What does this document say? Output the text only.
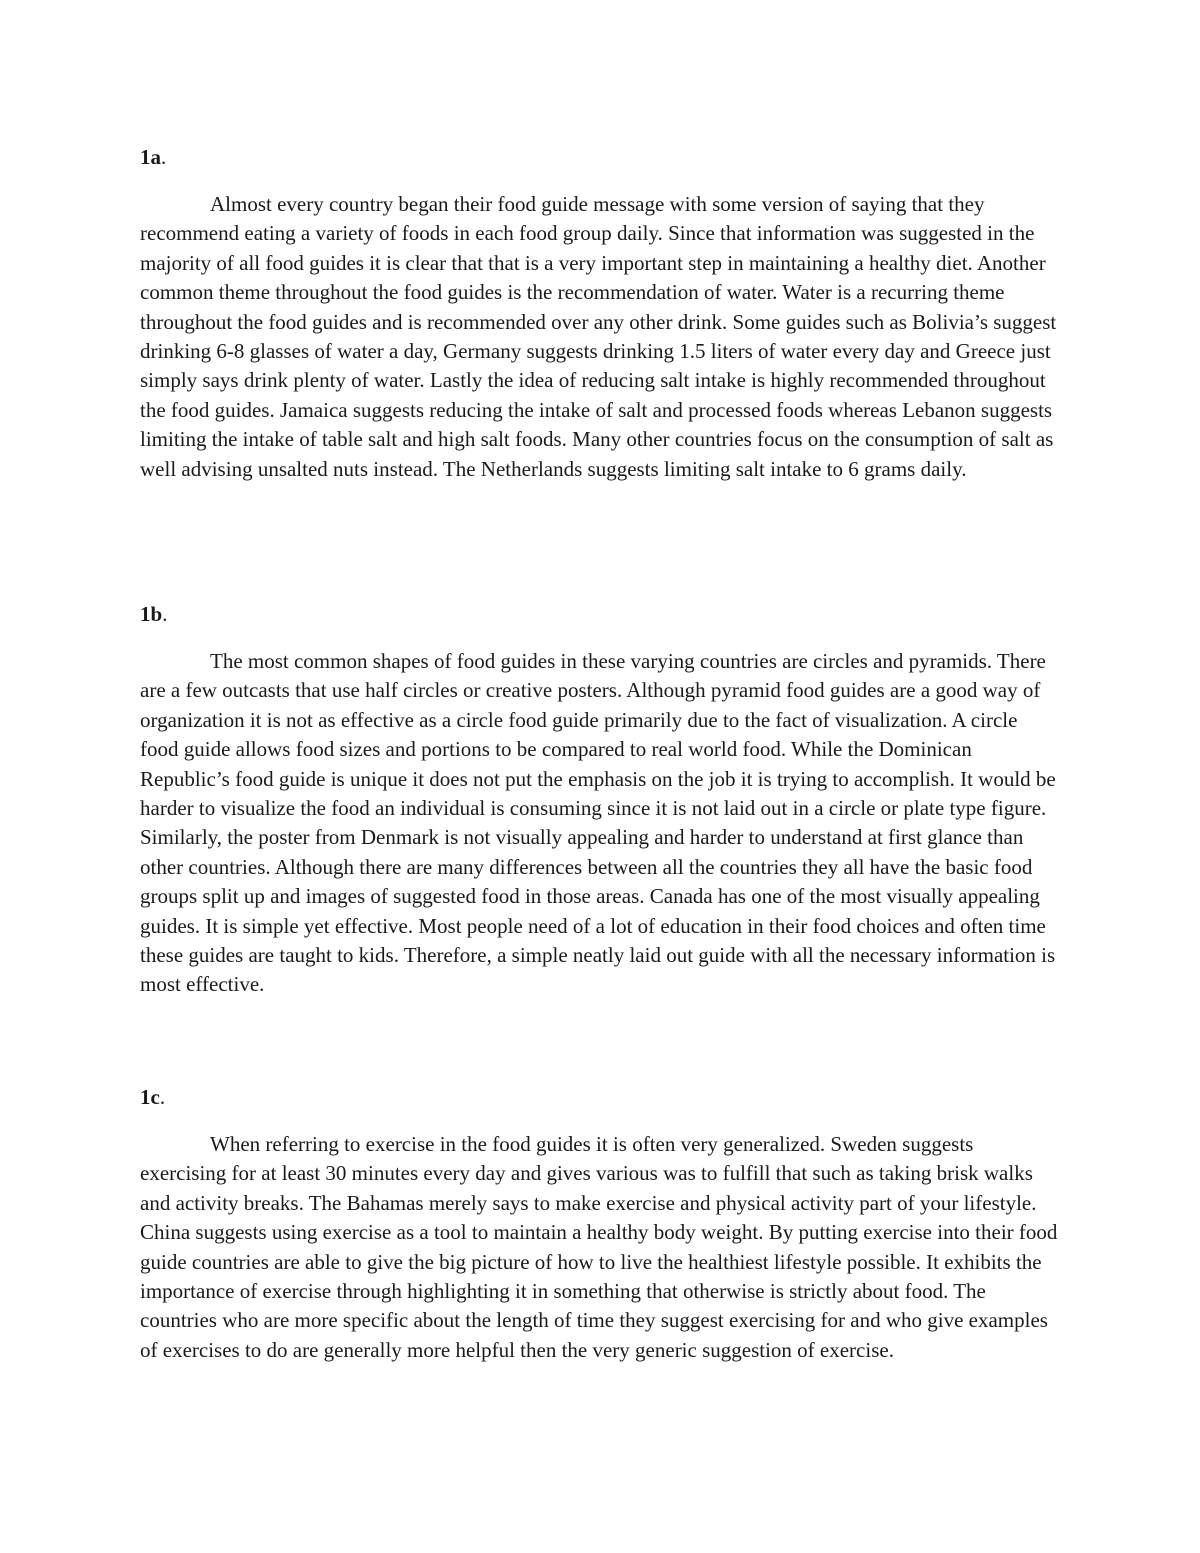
1a.

Almost every country began their food guide message with some version of saying that they recommend eating a variety of foods in each food group daily. Since that information was suggested in the majority of all food guides it is clear that that is a very important step in maintaining a healthy diet. Another common theme throughout the food guides is the recommendation of water. Water is a recurring theme throughout the food guides and is recommended over any other drink. Some guides such as Bolivia’s suggest drinking 6-8 glasses of water a day, Germany suggests drinking 1.5 liters of water every day and Greece just simply says drink plenty of water. Lastly the idea of reducing salt intake is highly recommended throughout the food guides. Jamaica suggests reducing the intake of salt and processed foods whereas Lebanon suggests limiting the intake of table salt and high salt foods. Many other countries focus on the consumption of salt as well advising unsalted nuts instead. The Netherlands suggests limiting salt intake to 6 grams daily.

1b.

The most common shapes of food guides in these varying countries are circles and pyramids. There are a few outcasts that use half circles or creative posters. Although pyramid food guides are a good way of organization it is not as effective as a circle food guide primarily due to the fact of visualization. A circle food guide allows food sizes and portions to be compared to real world food. While the Dominican Republic’s food guide is unique it does not put the emphasis on the job it is trying to accomplish. It would be harder to visualize the food an individual is consuming since it is not laid out in a circle or plate type figure. Similarly, the poster from Denmark is not visually appealing and harder to understand at first glance than other countries. Although there are many differences between all the countries they all have the basic food groups split up and images of suggested food in those areas. Canada has one of the most visually appealing guides. It is simple yet effective. Most people need of a lot of education in their food choices and often time these guides are taught to kids. Therefore, a simple neatly laid out guide with all the necessary information is most effective.

1c.

When referring to exercise in the food guides it is often very generalized. Sweden suggests exercising for at least 30 minutes every day and gives various was to fulfill that such as taking brisk walks and activity breaks. The Bahamas merely says to make exercise and physical activity part of your lifestyle. China suggests using exercise as a tool to maintain a healthy body weight. By putting exercise into their food guide countries are able to give the big picture of how to live the healthiest lifestyle possible. It exhibits the importance of exercise through highlighting it in something that otherwise is strictly about food. The countries who are more specific about the length of time they suggest exercising for and who give examples of exercises to do are generally more helpful then the very generic suggestion of exercise.
